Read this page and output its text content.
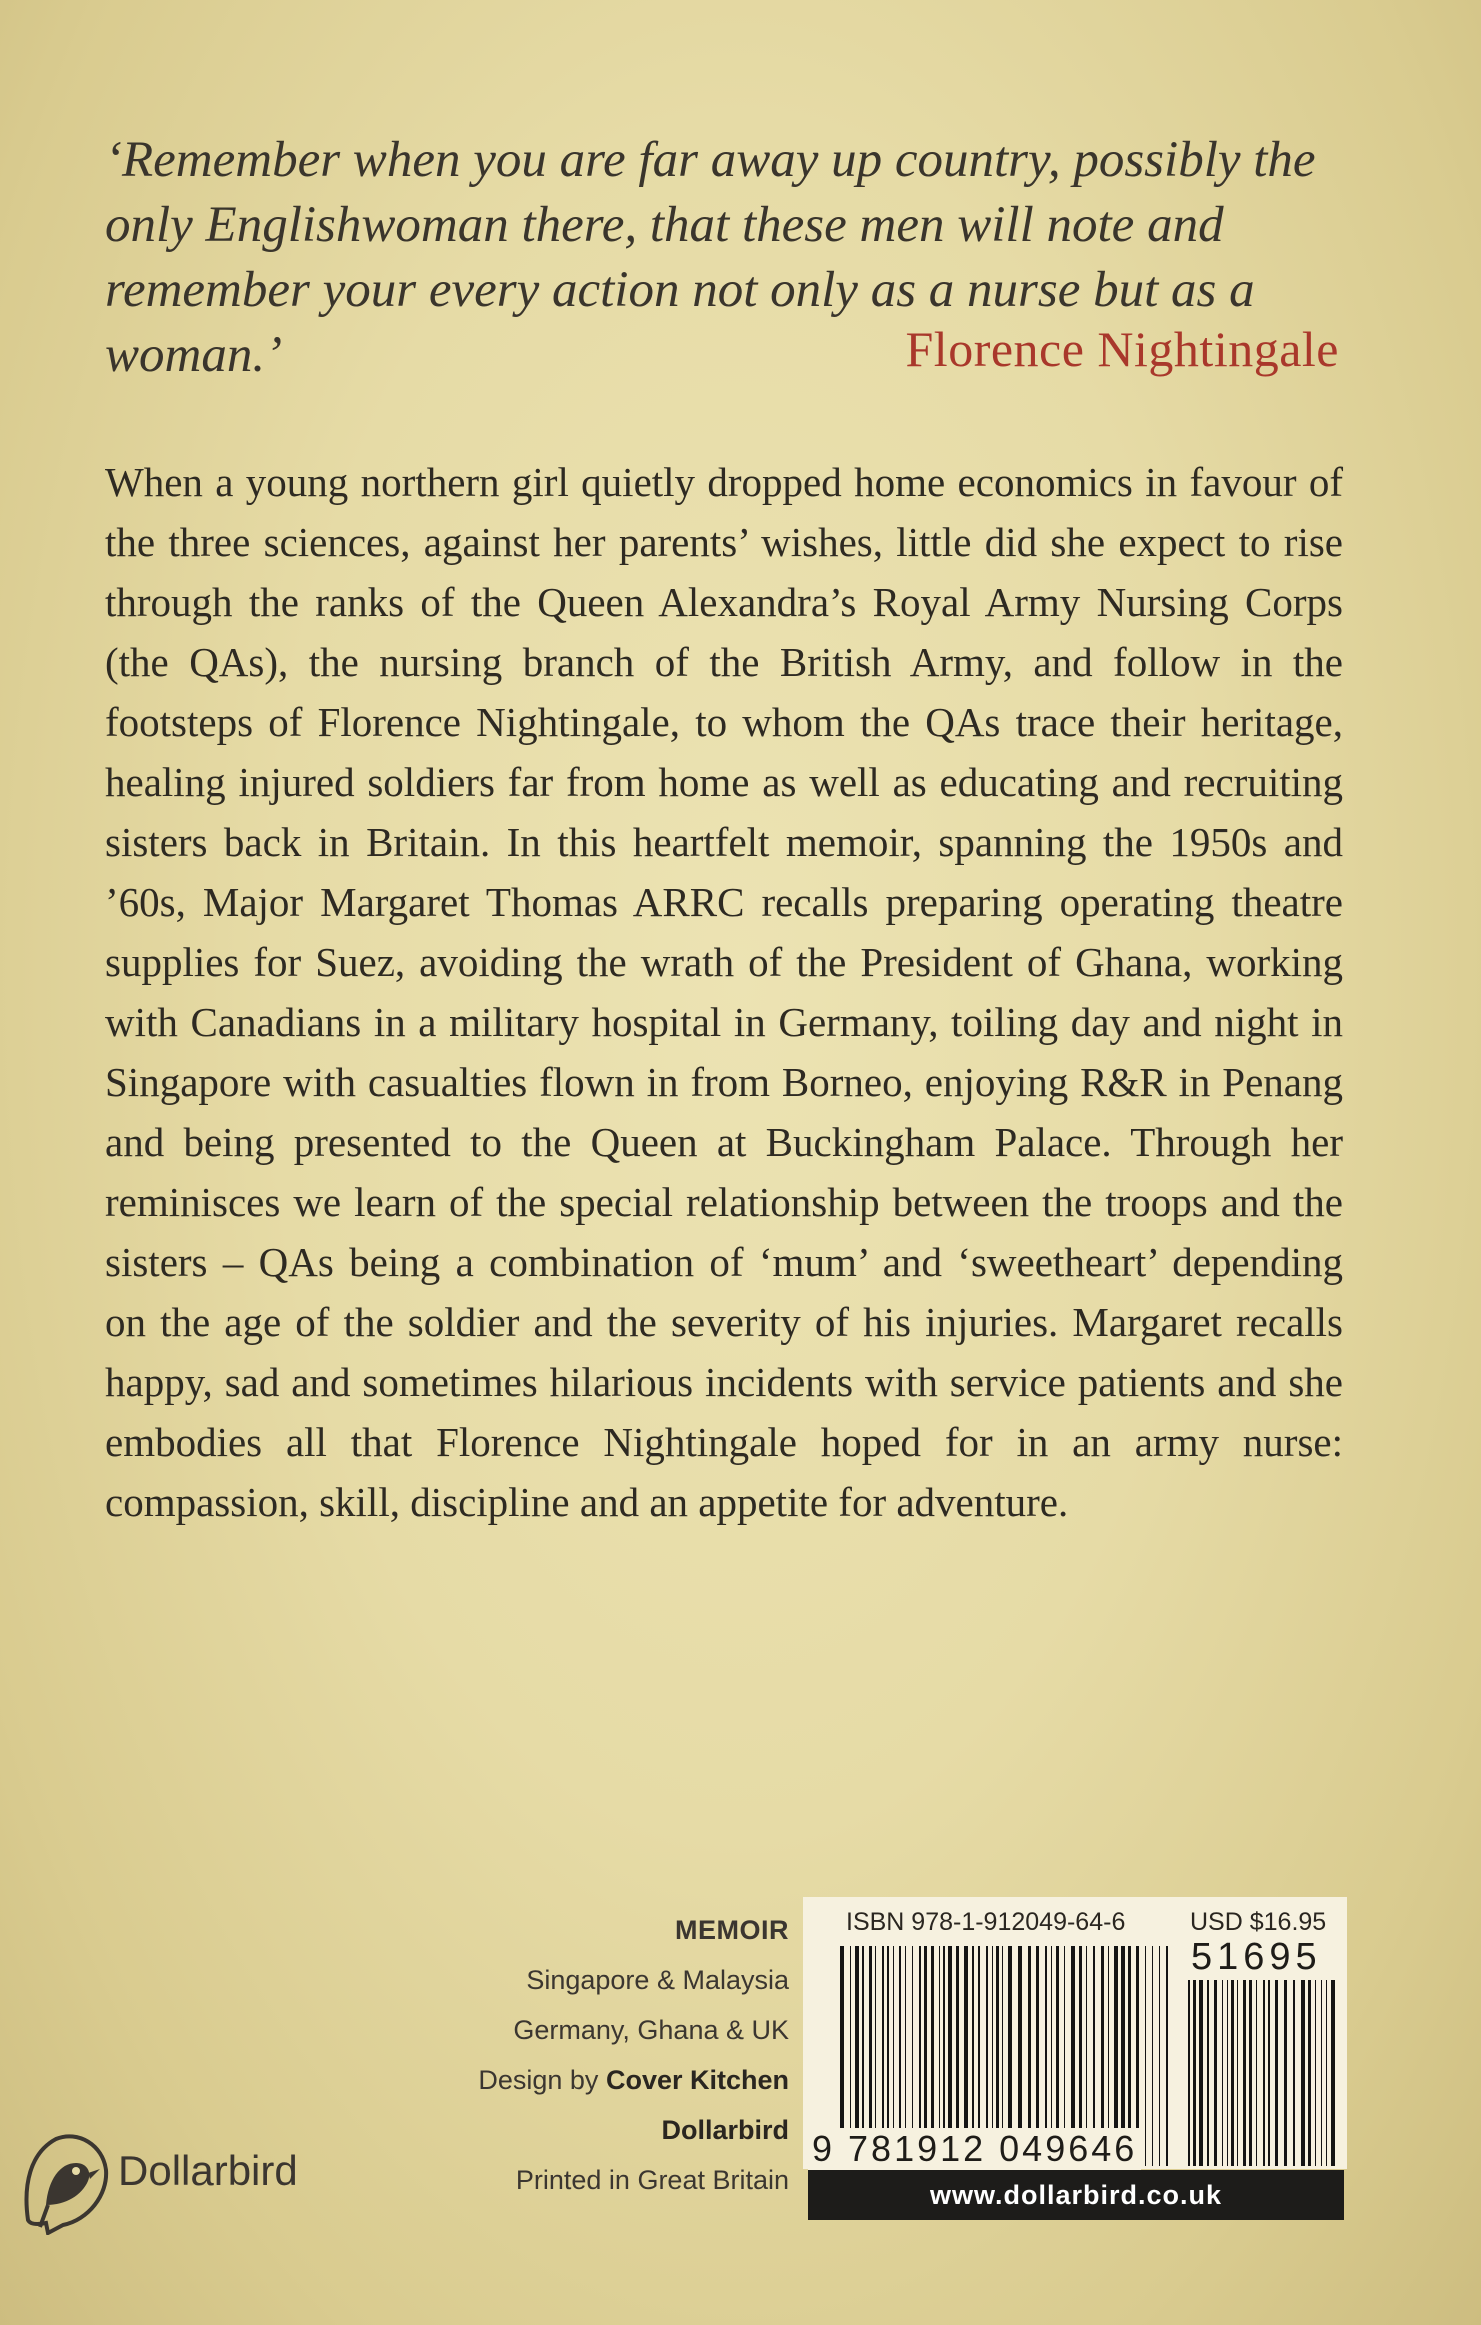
‘Remember when you are far away up country, possibly the only Englishwoman there, that these men will note and remember your every action not only as a nurse but as a woman.’	Florence Nightingale

When a young northern girl quietly dropped home economics in favour of the three sciences, against her parents’ wishes, little did she expect to rise through the ranks of the Queen Alexandra’s Royal Army Nursing Corps (the QAs), the nursing branch of the British Army, and follow in the footsteps of Florence Nightingale, to whom the QAs trace their heritage, healing injured soldiers far from home as well as educating and recruiting sisters back in Britain. In this heartfelt memoir, spanning the 1950s and ’60s, Major Margaret Thomas ARRC recalls preparing operating theatre supplies for Suez, avoiding the wrath of the President of Ghana, working with Canadians in a military hospital in Germany, toiling day and night in Singapore with casualties flown in from Borneo, enjoying R&R in Penang and being presented to the Queen at Buckingham Palace. Through her reminisces we learn of the special relationship between the troops and the sisters – QAs being a combination of ‘mum’ and ‘sweetheart’ depending on the age of the soldier and the severity of his injuries. Margaret recalls happy, sad and sometimes hilarious incidents with service patients and she embodies all that Florence Nightingale hoped for in an army nurse: compassion, skill, discipline and an appetite for adventure.

MEMOIR
Singapore & Malaysia
Germany, Ghana & UK
Design by Cover Kitchen
Dollarbird
Printed in Great Britain
Dollarbird
ISBN 978-1-912049-64-6	USD $16.95
51695
9 781912 049646
www.dollarbird.co.uk
